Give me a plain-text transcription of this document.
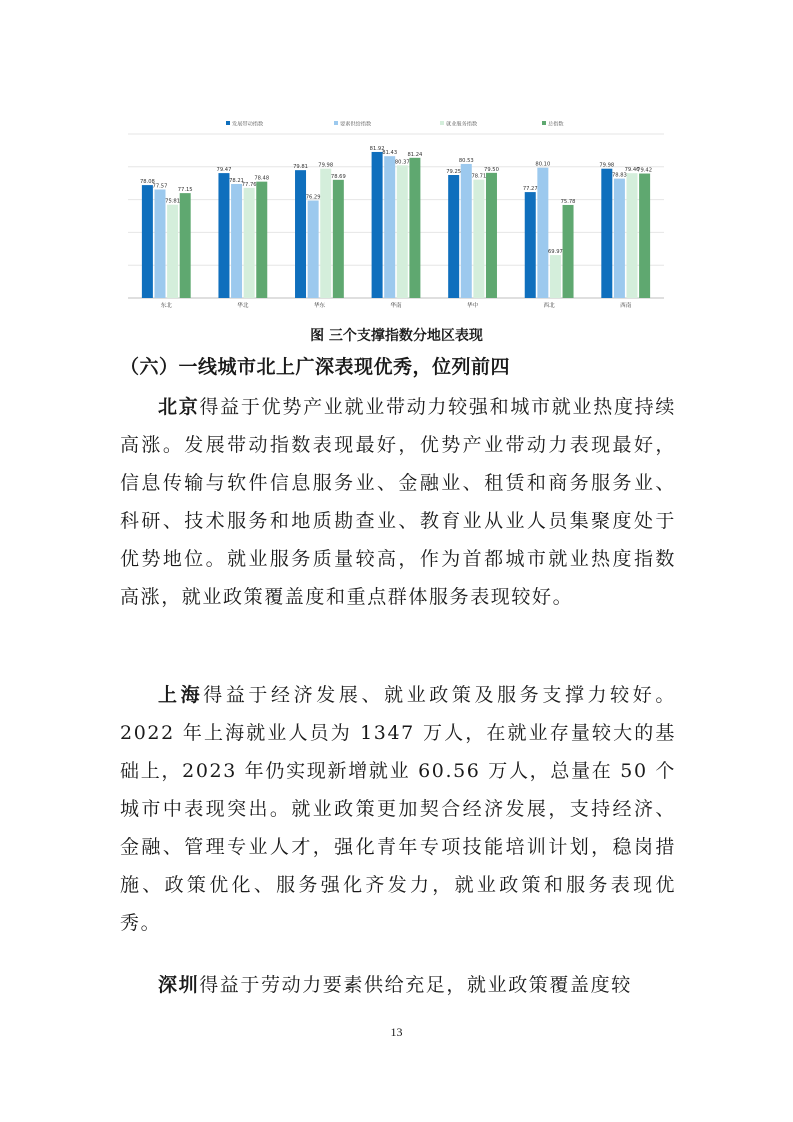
发展带动指数	要素供给指数	就业服务指数	总指数
78.08
77.57
75.81
77.15
东北
79.47
78.21
77.76
78.48
华北
79.81
76.29
79.98
78.69
华东
81.92
81.43
80.37
81.24
华南
79.25
80.53
78.71
79.50
华中
77.27
80.10
69.97
75.78
西北
79.98
78.83
79.46
79.42
西南

图 三个支撑指数分地区表现

（六）一线城市北上广深表现优秀，位列前四

北京得益于优势产业就业带动力较强和城市就业热度持续高涨。发展带动指数表现最好，优势产业带动力表现最好，信息传输与软件信息服务业、金融业、租赁和商务服务业、科研、技术服务和地质勘查业、教育业从业人员集聚度处于优势地位。就业服务质量较高，作为首都城市就业热度指数高涨，就业政策覆盖度和重点群体服务表现较好。

上海得益于经济发展、就业政策及服务支撑力较好。2022 年上海就业人员为 1347 万人，在就业存量较大的基础上，2023 年仍实现新增就业 60.56 万人，总量在 50 个城市中表现突出。就业政策更加契合经济发展，支持经济、金融、管理专业人才，强化青年专项技能培训计划，稳岗措施、政策优化、服务强化齐发力，就业政策和服务表现优秀。

深圳得益于劳动力要素供给充足，就业政策覆盖度较

13
